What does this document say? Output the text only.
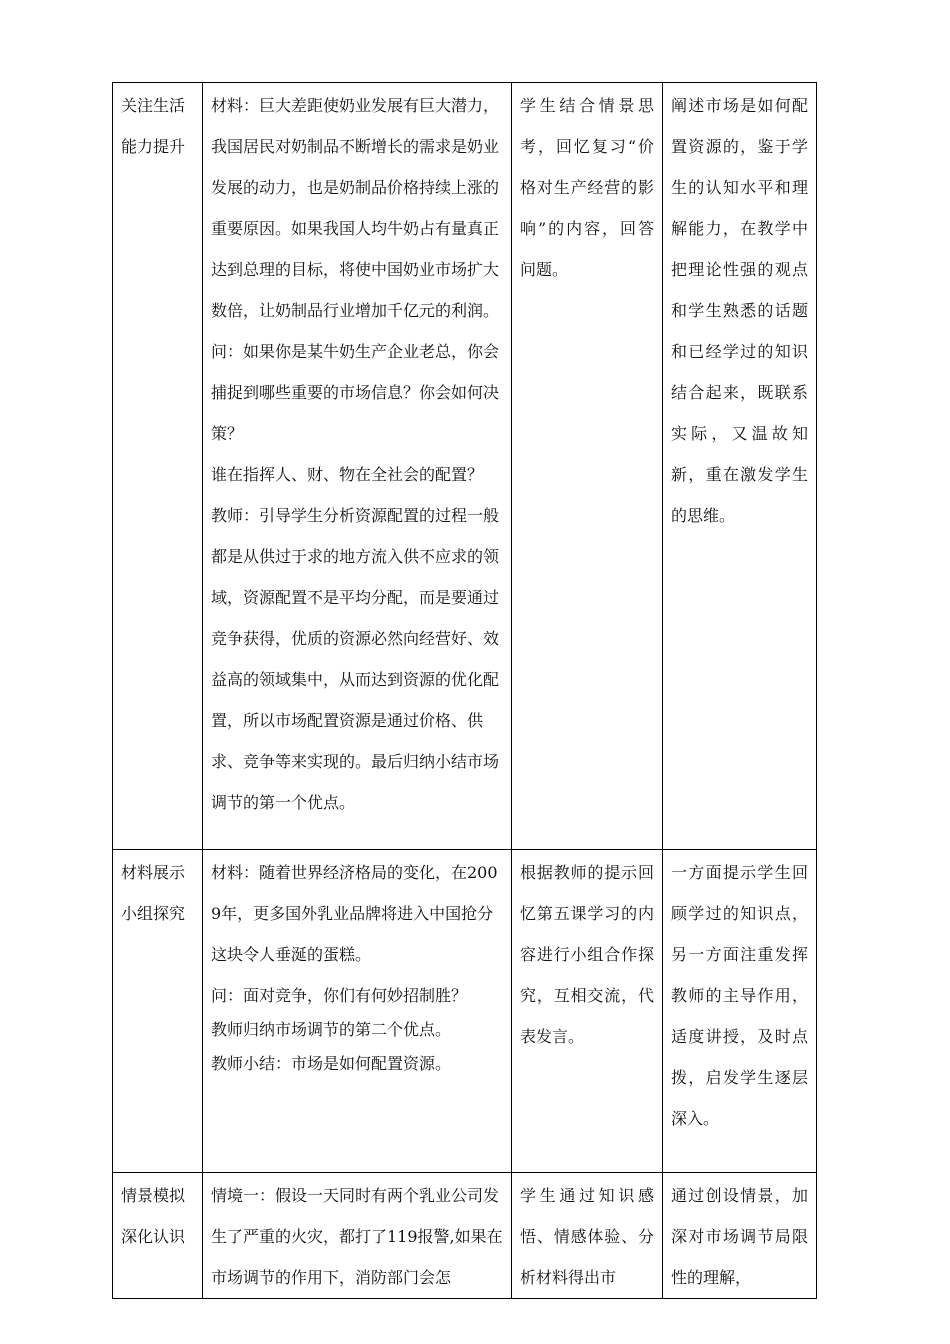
关注生活能力提升	材料：巨大差距使奶业发展有巨大潜力，我国居民对奶制品不断增长的需求是奶业发展的动力，也是奶制品价格持续上涨的重要原因。如果我国人均牛奶占有量真正达到总理的目标，将使中国奶业市场扩大数倍，让奶制品行业增加千亿元的利润。

问：如果你是某牛奶生产企业老总，你会捕捉到哪些重要的市场信息？你会如何决策？

谁在指挥人、财、物在全社会的配置？

教师：引导学生分析资源配置的过程一般都是从供过于求的地方流入供不应求的领域，资源配置不是平均分配，而是要通过竞争获得，优质的资源必然向经营好、效益高的领域集中，从而达到资源的优化配置，所以市场配置资源是通过价格、供求、竞争等来实现的。最后归纳小结市场调节的第一个优点。	学生结合情景思考，回忆复习“价格对生产经营的影响”的内容，回答问题。	阐述市场是如何配置资源的，鉴于学生的认知水平和理解能力，在教学中把理论性强的观点和学生熟悉的话题和已经学过的知识结合起来，既联系实际，又温故知新，重在激发学生的思维。
材料展示小组探究	材料：随着世界经济格局的变化，在2009年，更多国外乳业品牌将进入中国抢分这块令人垂涎的蛋糕。

问：面对竞争，你们有何妙招制胜？

教师归纳市场调节的第二个优点。

教师小结：市场是如何配置资源。	根据教师的提示回忆第五课学习的内容进行小组合作探究，互相交流，代表发言。	一方面提示学生回顾学过的知识点，另一方面注重发挥教师的主导作用，适度讲授，及时点拨，启发学生逐层深入。
情景模拟深化认识	情境一：假设一天同时有两个乳业公司发生了严重的火灾，都打了119报警,如果在市场调节的作用下，消防部门会怎	学生通过知识感悟、情感体验、分析材料得出市	通过创设情景，加深对市场调节局限性的理解，
